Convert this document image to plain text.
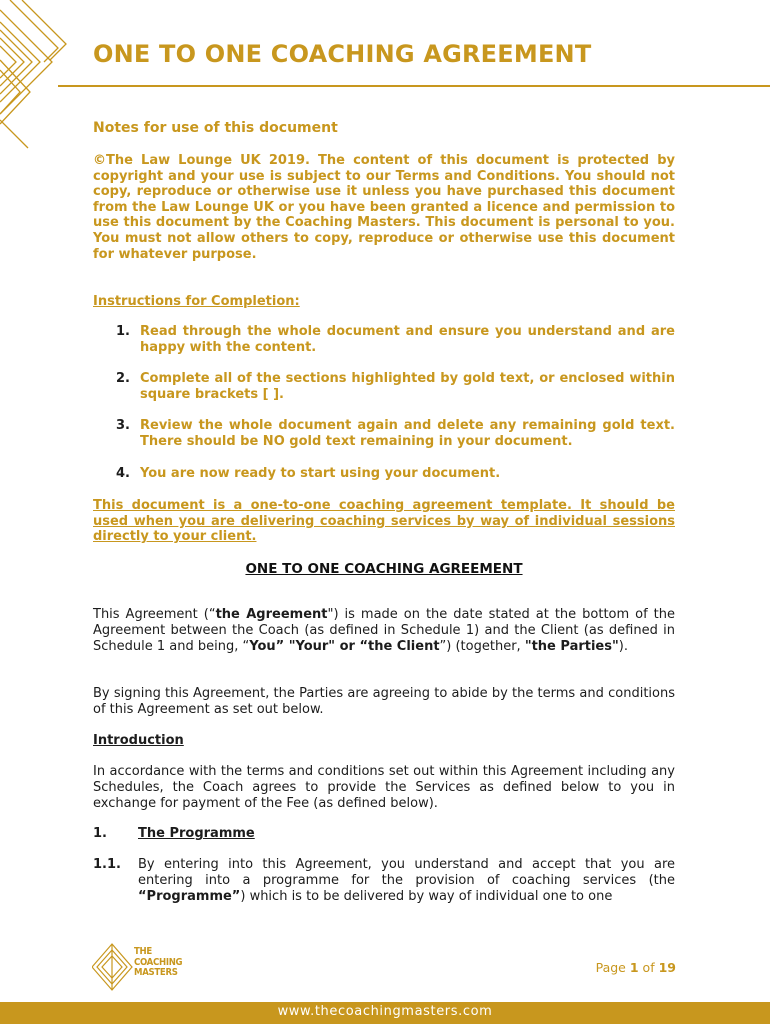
ONE TO ONE COACHING AGREEMENT
Notes for use of this document
©The Law Lounge UK 2019. The content of this document is protected by copyright and your use is subject to our Terms and Conditions. You should not copy, reproduce or otherwise use it unless you have purchased this document from the Law Lounge UK or you have been granted a licence and permission to use this document by the Coaching Masters. This document is personal to you. You must not allow others to copy, reproduce or otherwise use this document for whatever purpose.
Instructions for Completion:
1. Read through the whole document and ensure you understand and are happy with the content.
2. Complete all of the sections highlighted by gold text, or enclosed within square brackets [ ].
3. Review the whole document again and delete any remaining gold text. There should be NO gold text remaining in your document.
4. You are now ready to start using your document.
This document is a one-to-one coaching agreement template. It should be used when you are delivering coaching services by way of individual sessions directly to your client.
ONE TO ONE COACHING AGREEMENT
This Agreement (“the Agreement") is made on the date stated at the bottom of the Agreement between the Coach (as defined in Schedule 1) and the Client (as defined in Schedule 1 and being, “You” "Your" or “the Client”) (together, "the Parties").
By signing this Agreement, the Parties are agreeing to abide by the terms and conditions of this Agreement as set out below.
Introduction
In accordance with the terms and conditions set out within this Agreement including any Schedules, the Coach agrees to provide the Services as defined below to you in exchange for payment of the Fee (as defined below).
1. The Programme
1.1. By entering into this Agreement, you understand and accept that you are entering into a programme for the provision of coaching services (the “Programme”) which is to be delivered by way of individual one to one
THE
COACHING
MASTERS	Page 1 of 19
www.thecoachingmasters.com
